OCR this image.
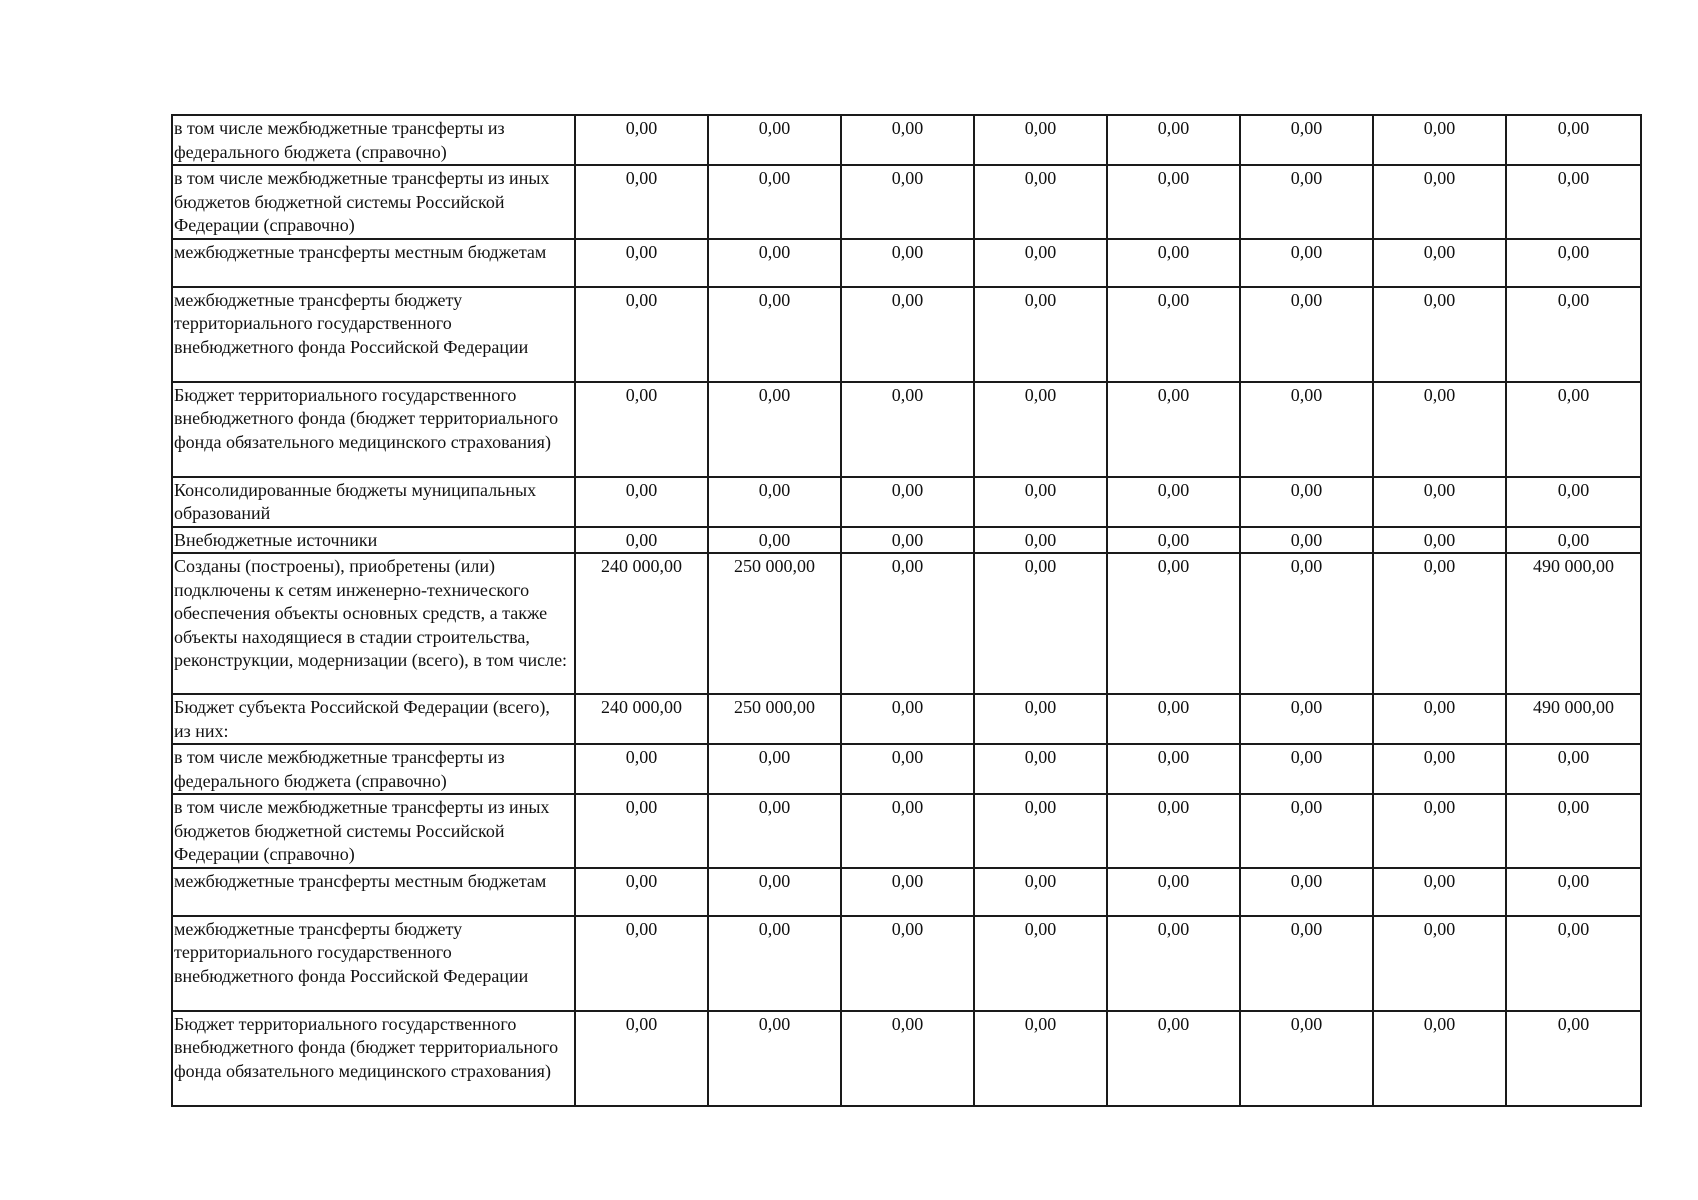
в том числе межбюджетные трансферты из федерального бюджета (справочно)	0,00	0,00	0,00	0,00	0,00	0,00	0,00	0,00
в том числе межбюджетные трансферты из иных бюджетов бюджетной системы Российской Федерации (справочно)	0,00	0,00	0,00	0,00	0,00	0,00	0,00	0,00
межбюджетные трансферты местным бюджетам	0,00	0,00	0,00	0,00	0,00	0,00	0,00	0,00
межбюджетные трансферты бюджету территориального государственного внебюджетного фонда Российской Федерации	0,00	0,00	0,00	0,00	0,00	0,00	0,00	0,00
Бюджет территориального государственного внебюджетного фонда (бюджет территориального фонда обязательного медицинского страхования)	0,00	0,00	0,00	0,00	0,00	0,00	0,00	0,00
Консолидированные бюджеты муниципальных образований	0,00	0,00	0,00	0,00	0,00	0,00	0,00	0,00
Внебюджетные источники	0,00	0,00	0,00	0,00	0,00	0,00	0,00	0,00
Созданы (построены), приобретены (или) подключены к сетям инженерно-технического обеспечения объекты основных средств, а также объекты находящиеся в стадии строительства, реконструкции, модернизации (всего), в том числе:	240 000,00	250 000,00	0,00	0,00	0,00	0,00	0,00	490 000,00
Бюджет субъекта Российской Федерации (всего), из них:	240 000,00	250 000,00	0,00	0,00	0,00	0,00	0,00	490 000,00
в том числе межбюджетные трансферты из федерального бюджета (справочно)	0,00	0,00	0,00	0,00	0,00	0,00	0,00	0,00
в том числе межбюджетные трансферты из иных бюджетов бюджетной системы Российской Федерации (справочно)	0,00	0,00	0,00	0,00	0,00	0,00	0,00	0,00
межбюджетные трансферты местным бюджетам	0,00	0,00	0,00	0,00	0,00	0,00	0,00	0,00
межбюджетные трансферты бюджету территориального государственного внебюджетного фонда Российской Федерации	0,00	0,00	0,00	0,00	0,00	0,00	0,00	0,00
Бюджет территориального государственного внебюджетного фонда (бюджет территориального фонда обязательного медицинского страхования)	0,00	0,00	0,00	0,00	0,00	0,00	0,00	0,00
